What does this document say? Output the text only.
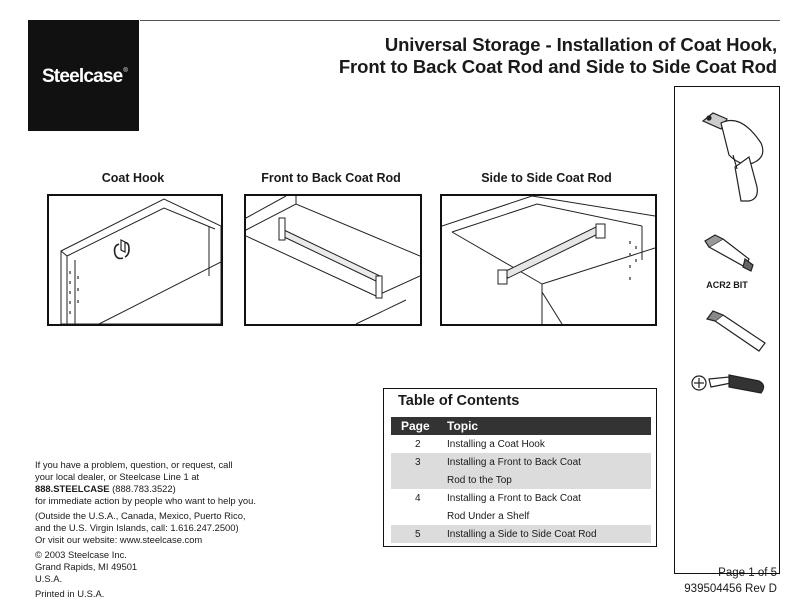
Steelcase®
Universal Storage - Installation of Coat Hook,
Front to Back Coat Rod and Side to Side Coat Rod
Coat Hook	Front to Back Coat Rod	Side to Side Coat Rod
ACR2 BIT
Table of Contents
Page Topic
2	Installing a Coat Hook
3	Installing a Front to Back Coat
Rod to the Top
4	Installing a Front to Back Coat
Rod Under a Shelf
5	Installing a Side to Side Coat Rod
If you have a problem, question, or request, call
your local dealer, or Steelcase Line 1 at
888.STEELCASE (888.783.3522)
for immediate action by people who want to help you.
(Outside the U.S.A., Canada, Mexico, Puerto Rico,
and the U.S. Virgin Islands, call: 1.616.247.2500)
Or visit our website: www.steelcase.com
© 2003 Steelcase Inc.
Grand Rapids, MI 49501
U.S.A.
Printed in U.S.A.
Page 1 of 5
939504456 Rev D
